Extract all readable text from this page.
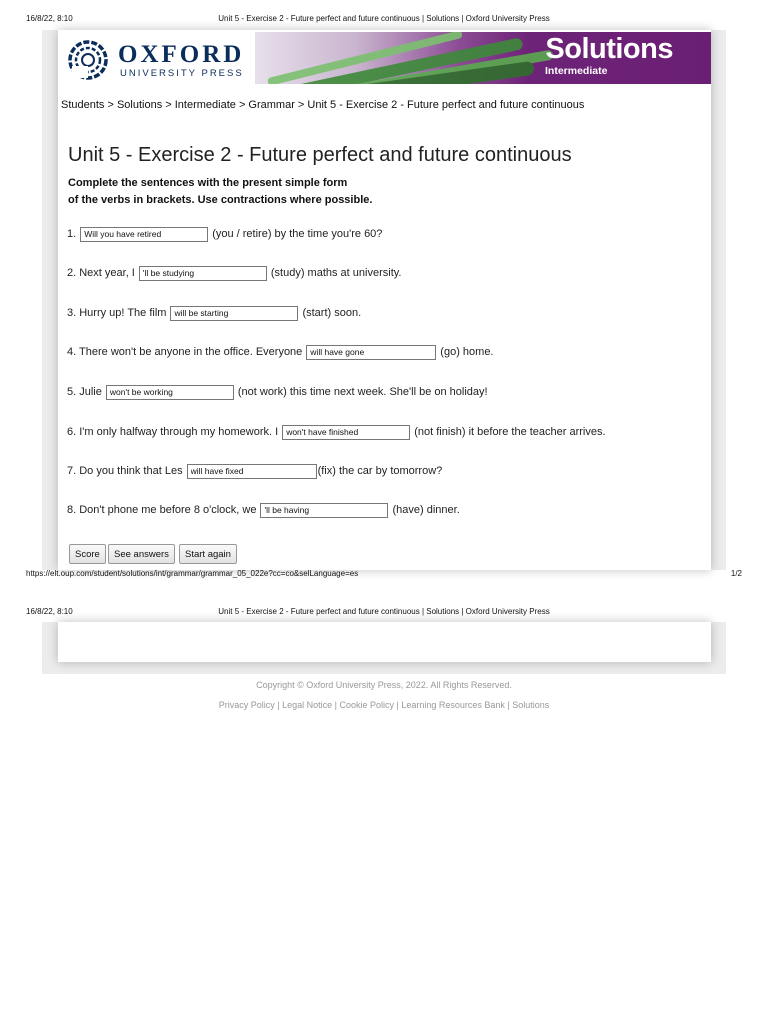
16/8/22, 8:10	Unit 5 - Exercise 2 - Future perfect and future continuous | Solutions | Oxford University Press
OXFORD
UNIVERSITY PRESS
Solutions
Intermediate
Students > Solutions > Intermediate > Grammar > Unit 5 - Exercise 2 - Future perfect and future continuous
Unit 5 - Exercise 2 - Future perfect and future continuous
Complete the sentences with the present simple form
of the verbs in brackets. Use contractions where possible.
1.
Will you have retired	(you / retire) by the time you're 60?
2. Next year, I
'll be studying	(study) maths at university.
3. Hurry up! The film
will be starting	(start) soon.
4. There won't be anyone in the office. Everyone
will have gone	(go) home.
5. Julie
won't be working	(not work) this time next week. She'll be on holiday!
6. I'm only halfway through my homework. I
won't have finished	(not finish) it before the teacher arrives.
7. Do you think that Les
will have fixed	(fix) the car by tomorrow?
8. Don't phone me before 8 o'clock, we
'll be having	(have) dinner.
Score	See answers	Start again
https://elt.oup.com/student/solutions/int/grammar/grammar_05_022e?cc=co&selLanguage=es	1/2
16/8/22, 8:10	Unit 5 - Exercise 2 - Future perfect and future continuous | Solutions | Oxford University Press
Copyright © Oxford University Press, 2022. All Rights Reserved.
Privacy Policy | Legal Notice | Cookie Policy | Learning Resources Bank | Solutions
